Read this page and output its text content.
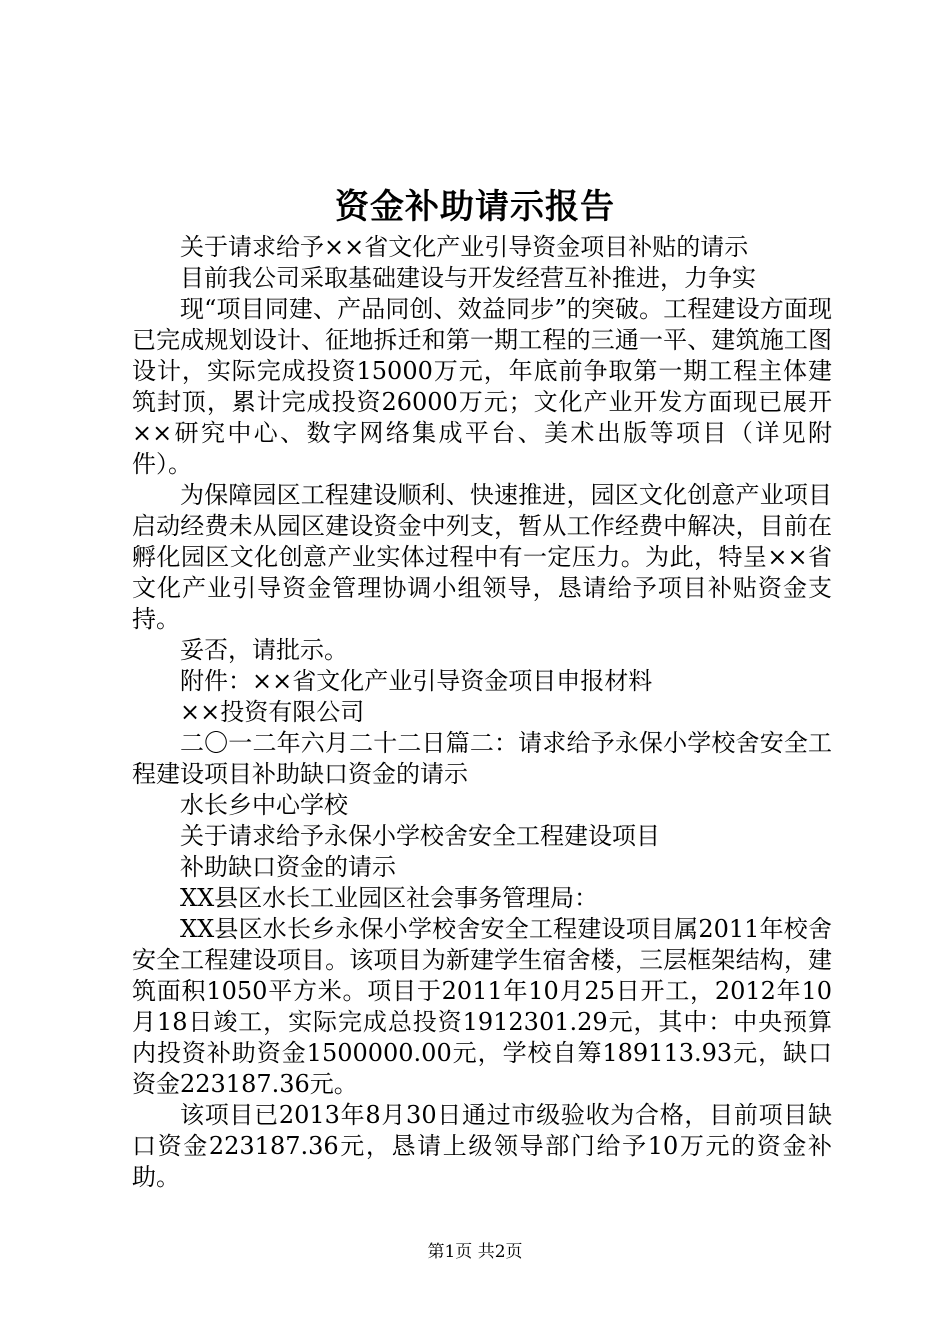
资金补助请示报告

关于请求给予××省文化产业引导资金项目补贴的请示

目前我公司采取基础建设与开发经营互补推进，力争实

现“项目同建、产品同创、效益同步”的突破。工程建设方面现已完成规划设计、征地拆迁和第一期工程的三通一平、建筑施工图设计，实际完成投资15000万元，年底前争取第一期工程主体建筑封顶，累计完成投资26000万元；文化产业开发方面现已展开××研究中心、数字网络集成平台、美术出版等项目（详见附件）。

为保障园区工程建设顺利、快速推进，园区文化创意产业项目启动经费未从园区建设资金中列支，暂从工作经费中解决，目前在孵化园区文化创意产业实体过程中有一定压力。为此，特呈××省文化产业引导资金管理协调小组领导，恳请给予项目补贴资金支持。

妥否，请批示。

附件：××省文化产业引导资金项目申报材料

××投资有限公司

二〇一二年六月二十二日篇二：请求给予永保小学校舍安全工程建设项目补助缺口资金的请示

水长乡中心学校

关于请求给予永保小学校舍安全工程建设项目

补助缺口资金的请示

XX县区水长工业园区社会事务管理局：

XX县区水长乡永保小学校舍安全工程建设项目属2011年校舍安全工程建设项目。该项目为新建学生宿舍楼，三层框架结构，建筑面积1050平方米。项目于2011年10月25日开工，2012年10月18日竣工，实际完成总投资1912301.29元，其中：中央预算内投资补助资金1500000.00元，学校自筹189113.93元，缺口资金223187.36元。

该项目已2013年8月30日通过市级验收为合格，目前项目缺口资金223187.36元，恳请上级领导部门给予10万元的资金补助。

第1页 共2页
